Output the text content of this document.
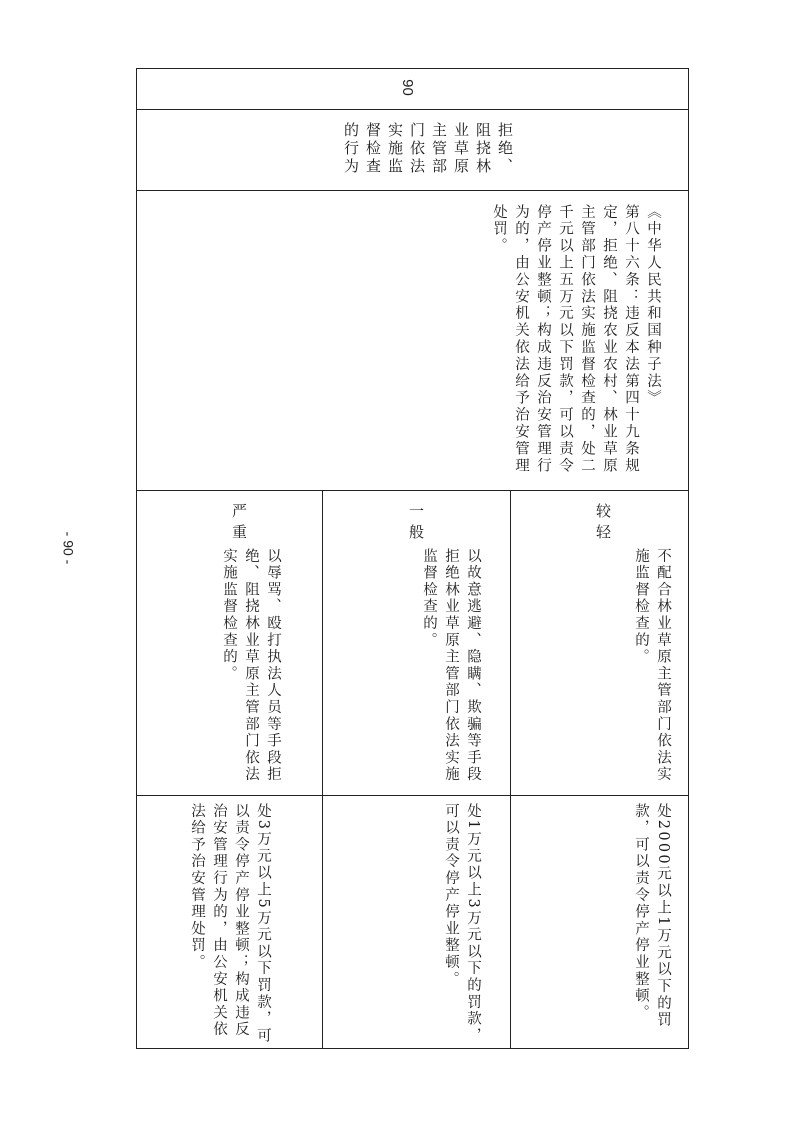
90
拒绝、阻挠林业草原主管部门依法实施监督检查的行为
《中华人民共和国种子法》
第八十六条：违反本法第四十九条规定，拒绝、阻挠农业农村、林业草原主管部门依法实施监督检查的，处二千元以上五万元以下罚款，可以责令停产停业整顿；构成违反治安管理行为的，由公安机关依法给予治安管理处罚。
较轻
不配合林业草原主管部门依法实施监督检查的。
处2000元以上1万元以下的罚款，可以责令停产停业整顿。
一般
以故意逃避、隐瞒、欺骗等手段拒绝林业草原主管部门依法实施监督检查的。
处1万元以上3万元以下的罚款，可以责令停产停业整顿。
严重
以辱骂、殴打执法人员等手段拒绝、阻挠林业草原主管部门依法实施监督检查的。
处3万元以上5万元以下罚款，可以责令停产停业整顿；构成违反治安管理行为的，由公安机关依法给予治安管理处罚。
- 90 -
